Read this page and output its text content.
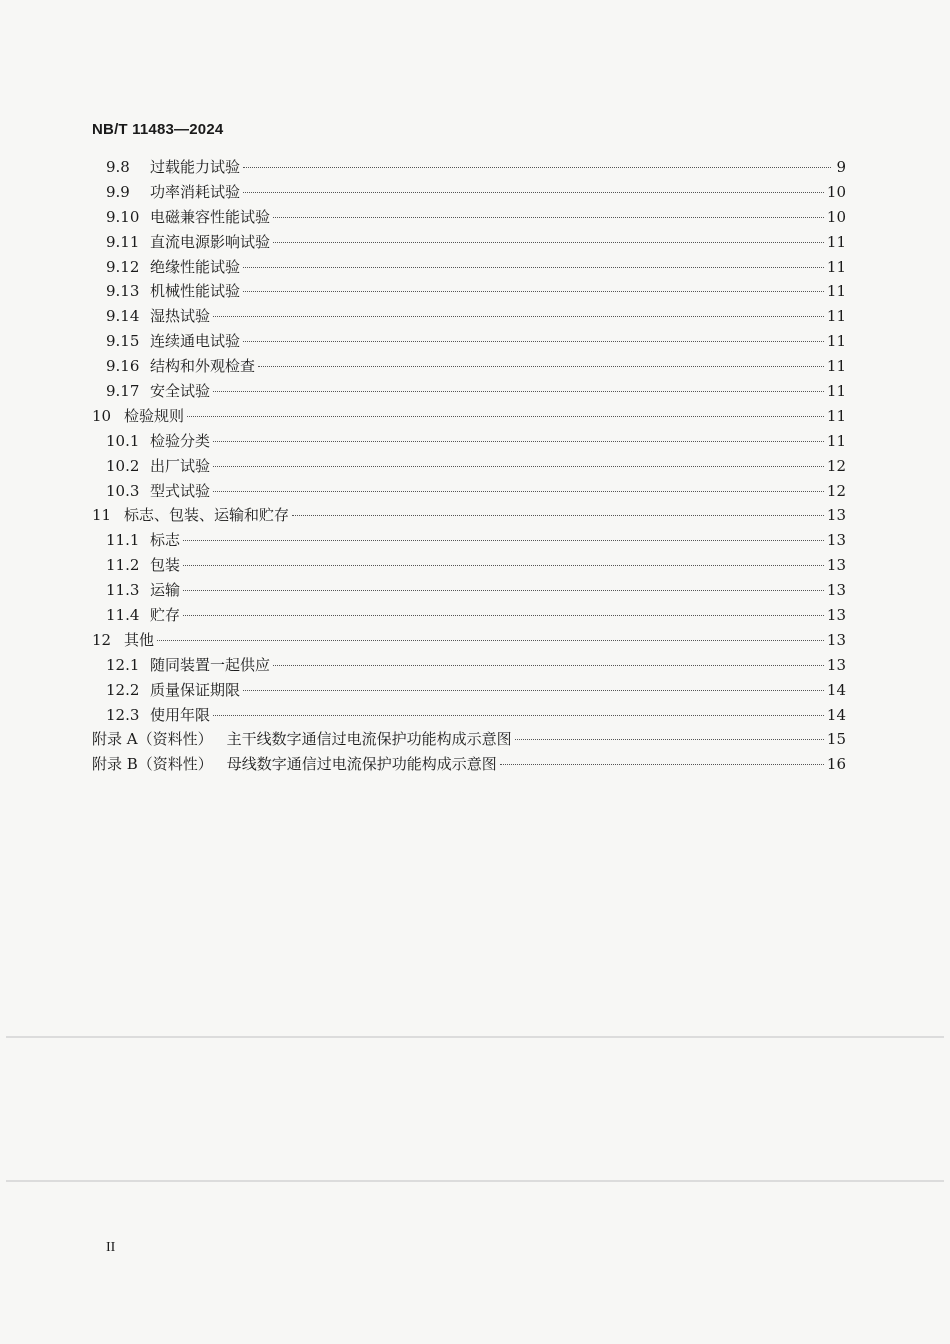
NB/T 11483—2024
9.8	过载能力试验	9
9.9	功率消耗试验	10
9.10 电磁兼容性能试验	10
9.11 直流电源影响试验	11
9.12 绝缘性能试验	11
9.13 机械性能试验	11
9.14 湿热试验	11
9.15 连续通电试验	11
9.16 结构和外观检查	11
9.17 安全试验	11
10 检验规则	11
10.1 检验分类	11
10.2 出厂试验	12
10.3 型式试验	12
11 标志、包装、运输和贮存	13
11.1 标志	13
11.2 包装	13
11.3 运输	13
11.4 贮存	13
12 其他	13
12.1 随同装置一起供应	13
12.2 质量保证期限	14
12.3 使用年限	14
附录 A（资料性） 主干线数字通信过电流保护功能构成示意图	15
附录 B（资料性） 母线数字通信过电流保护功能构成示意图	16
II
